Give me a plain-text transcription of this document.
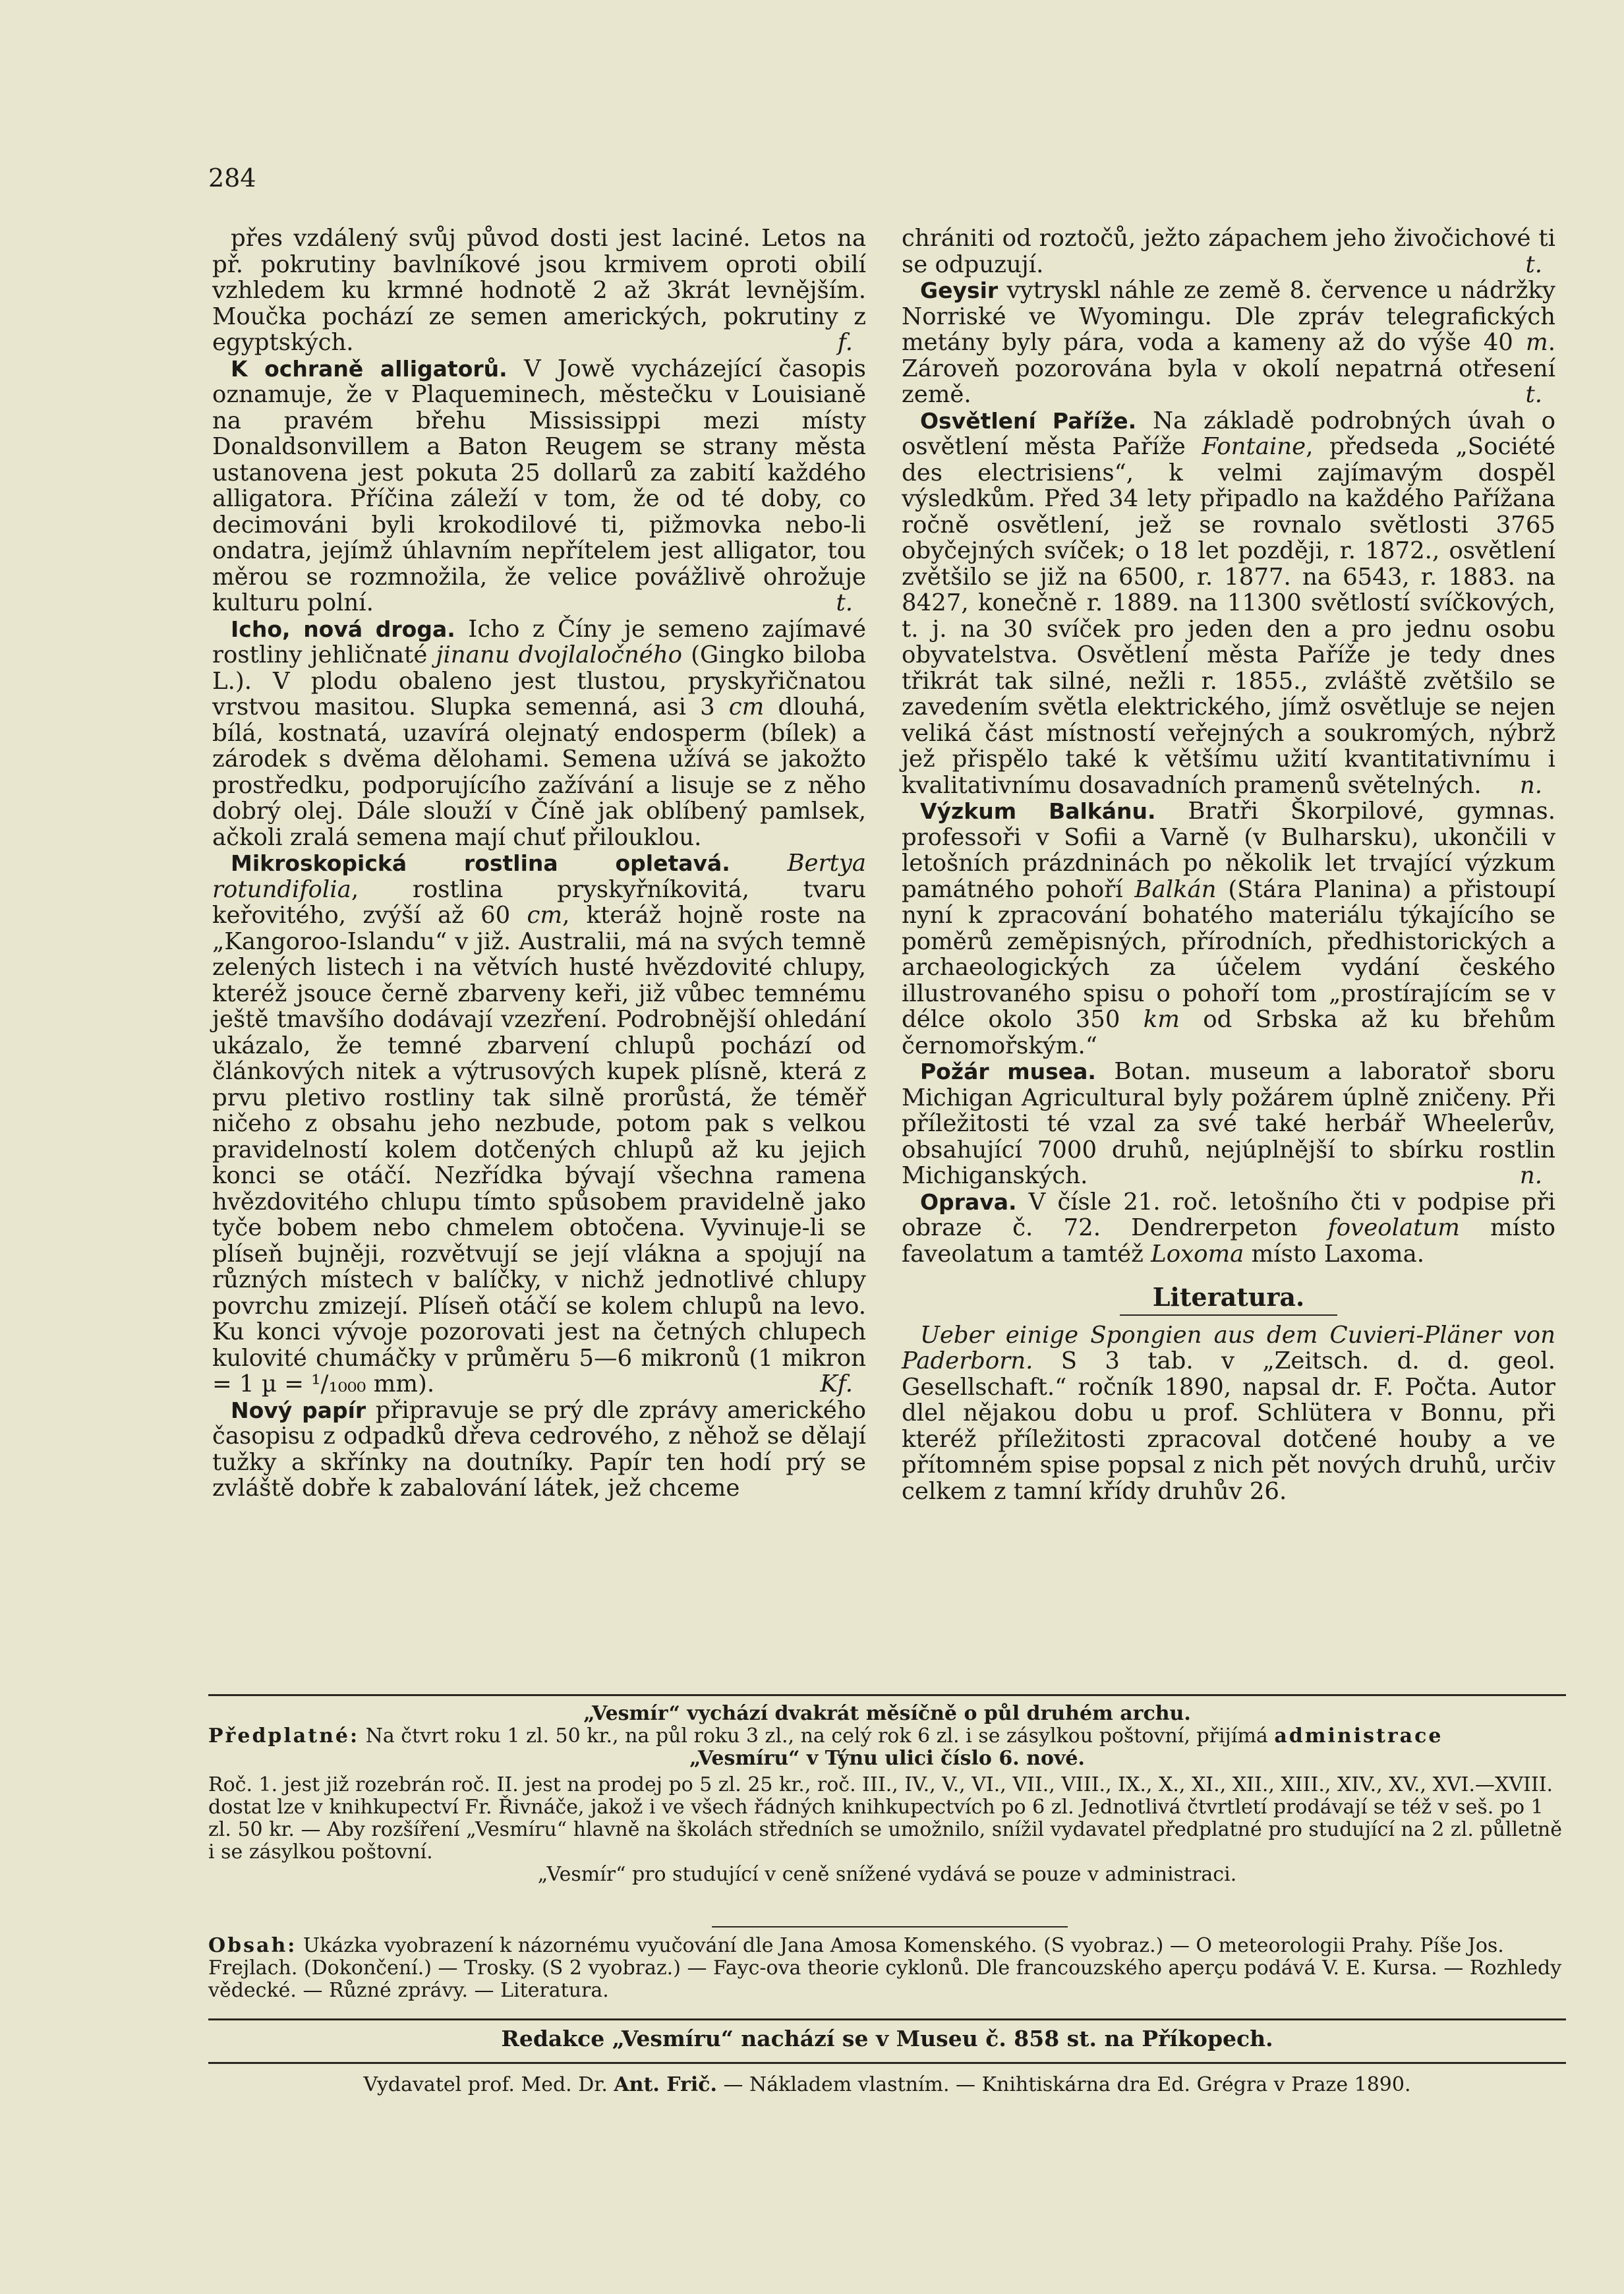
284

přes vzdálený svůj původ dosti jest laciné. Letos na př. pokrutiny bavlníkové jsou krmivem oproti obilí vzhledem ku krmné hodnotě 2 až 3krát levnějším. Moučka pochází ze semen amerických, pokrutiny z egyptských.	f.

K ochraně alligatorů. V Jowě vycházející časopis oznamuje, že v Plaqueminech, městečku v Louisianě na pravém břehu Mississippi mezi místy Donaldsonvillem a Baton Reugem se strany města ustanovena jest pokuta 25 dollarů za zabití každého alligatora. Příčina záleží v tom, že od té doby, co decimováni byli krokodilové ti, pižmovka nebo-li ondatra, jejímž úhlavním nepřítelem jest alligator, tou měrou se rozmnožila, že velice povážlivě ohrožuje kulturu polní.	t.

Icho, nová droga. Icho z Číny je semeno zajímavé rostliny jehličnaté jinanu dvojlaločného (Gingko biloba L.). V plodu obaleno jest tlustou, pryskyřičnatou vrstvou masitou. Slupka semenná, asi 3 cm dlouhá, bílá, kostnatá, uzavírá olejnatý endosperm (bílek) a zárodek s dvěma dělohami. Semena užívá se jakožto prostředku, podporujícího zažívání a lisuje se z něho dobrý olej. Dále slouží v Číně jak oblíbený pamlsek, ačkoli zralá semena mají chuť přilouklou.

Mikroskopická rostlina opletavá. Bertya rotundifolia, rostlina pryskyřníkovitá, tvaru keřovitého, zvýší až 60 cm, kteráž hojně roste na „Kangoroo-Islandu“ v již. Australii, má na svých temně zelených listech i na větvích husté hvězdovité chlupy, kteréž jsouce černě zbarveny keři, již vůbec temnému ještě tmavšího dodávají vzezření. Podrobnější ohledání ukázalo, že temné zbarvení chlupů pochází od článkových nitek a výtrusových kupek plísně, která z prvu pletivo rostliny tak silně prorůstá, že téměř ničeho z obsahu jeho nezbude, potom pak s velkou pravidelností kolem dotčených chlupů až ku jejich konci se otáčí. Nezřídka bývají všechna ramena hvězdovitého chlupu tímto spůsobem pravidelně jako tyče bobem nebo chmelem obtočena. Vyvinuje-li se plíseň bujněji, rozvětvují se její vlákna a spojují na různých místech v balíčky, v nichž jednotlivé chlupy povrchu zmizejí. Plíseň otáčí se kolem chlupů na levo. Ku konci vývoje pozorovati jest na četných chlupech kulovité chumáčky v průměru 5—6 mikronů (1 mikron = 1 µ = ¹/₁₀₀₀ mm).	Kf.

Nový papír připravuje se prý dle zprávy amerického časopisu z odpadků dřeva cedrového, z něhož se dělají tužky a skřínky na doutníky. Papír ten hodí prý se zvláště dobře k zabalování látek, jež chceme

chrániti od roztočů, ježto zápachem jeho živočichové ti se odpuzují.	t.

Geysir vytryskl náhle ze země 8. července u nádržky Norriské ve Wyomingu. Dle zpráv telegrafických metány byly pára, voda a kameny až do výše 40 m. Zároveň pozorována byla v okolí nepatrná otřesení země.	t.

Osvětlení Paříže. Na základě podrobných úvah o osvětlení města Paříže Fontaine, předseda „Société des electrisiens“, k velmi zajímavým dospěl výsledkům. Před 34 lety připadlo na každého Pařížana ročně osvětlení, jež se rovnalo světlosti 3765 obyčejných svíček; o 18 let později, r. 1872., osvětlení zvětšilo se již na 6500, r. 1877. na 6543, r. 1883. na 8427, konečně r. 1889. na 11300 světlostí svíčkových, t. j. na 30 svíček pro jeden den a pro jednu osobu obyvatelstva. Osvětlení města Paříže je tedy dnes třikrát tak silné, nežli r. 1855., zvláště zvětšilo se zavedením světla elektrického, jímž osvětluje se nejen veliká část místností veřejných a soukromých, nýbrž jež přispělo také k většímu užití kvantitativnímu i kvalitativnímu dosavadních pramenů světelných.	n.

Výzkum Balkánu. Bratři Škorpilové, gymnas. professoři v Sofii a Varně (v Bulharsku), ukončili v letošních prázdninách po několik let trvající výzkum památného pohoří Balkán (Stára Planina) a přistoupí nyní k zpracování bohatého materiálu týkajícího se poměrů zeměpisných, přírodních, předhistorických a archaeologických za účelem vydání českého illustrovaného spisu o pohoří tom „prostírajícím se v délce okolo 350 km od Srbska až ku břehům černomořským.“

Požár musea. Botan. museum a laboratoř sboru Michigan Agricultural byly požárem úplně zničeny. Při příležitosti té vzal za své také herbář Wheelerův, obsahující 7000 druhů, nejúplnější to sbírku rostlin Michiganských.	n.

Oprava. V čísle 21. roč. letošního čti v podpise při obraze č. 72. Dendrerpeton foveolatum místo faveolatum a tamtéž Loxoma místo Laxoma.

Literatura.

Ueber einige Spongien aus dem Cuvieri-Pläner von Paderborn. S 3 tab. v „Zeitsch. d. d. geol. Gesellschaft.“ ročník 1890, napsal dr. F. Počta. Autor dlel nějakou dobu u prof. Schlütera v Bonnu, při kteréž příležitosti zpracoval dotčené houby a ve přítomném spise popsal z nich pět nových druhů, určiv celkem z tamní křídy druhův 26.

„Vesmír“ vychází dvakrát měsíčně o půl druhém archu.
Předplatné: Na čtvrt roku 1 zl. 50 kr., na půl roku 3 zl., na celý rok 6 zl. i se zásylkou poštovní, přijímá administrace
„Vesmíru“ v Týnu ulici číslo 6. nové.
Roč. 1. jest již rozebrán roč. II. jest na prodej po 5 zl. 25 kr., roč. III., IV., V., VI., VII., VIII., IX., X., XI., XII., XIII., XIV., XV., XVI.—XVIII. dostat lze v knihkupectví Fr. Řivnáče, jakož i ve všech řádných knihkupectvích po 6 zl. Jednotlivá čtvrtletí prodávají se též v seš. po 1 zl. 50 kr. — Aby rozšíření „Vesmíru“ hlavně na školách středních se umožnilo, snížil vydavatel předplatné pro studující na 2 zl. půlletně i se zásylkou poštovní.
„Vesmír“ pro studující v ceně snížené vydává se pouze v administraci.
Obsah: Ukázka vyobrazení k názornému vyučování dle Jana Amosa Komenského. (S vyobraz.) — O meteorologii Prahy. Píše Jos. Frejlach. (Dokončení.) — Trosky. (S 2 vyobraz.) — Fayc-ova theorie cyklonů. Dle francouzského aperçu podává V. E. Kursa. — Rozhledy vědecké. — Různé zprávy. — Literatura.
Redakce „Vesmíru“ nachází se v Museu č. 858 st. na Příkopech.
Vydavatel prof. Med. Dr. Ant. Frič. — Nákladem vlastním. — Knihtiskárna dra Ed. Grégra v Praze 1890.
